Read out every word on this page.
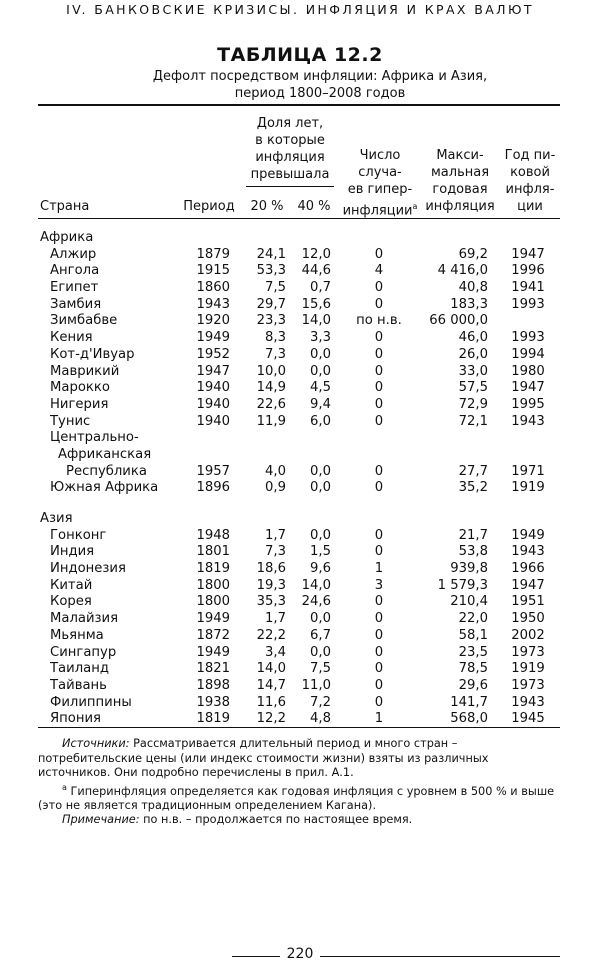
IV. БАНКОВСКИЕ КРИЗИСЫ. ИНФЛЯЦИЯ И КРАХ ВАЛЮТ
ТАБЛИЦА 12.2
Дефолт посредством инфляции: Африка и Азия,
период 1800–2008 годов
Страна	Период
Доля лет,
в которые
инфляция
превышала
20 %	40 %
Число
случа-
ев гипер-
инфляции$^a$
Макси-
мальная
годовая
инфляция
Год пи-
ковой
инфля-
ции
Африка
Алжир	1879	24,1	12,0	0	69,2	1947
Ангола	1915	53,3	44,6	4	4 416,0	1996
Египет	1860	7,5	0,7	0	40,8	1941
Замбия	1943	29,7	15,6	0	183,3	1993
Зимбабве	1920	23,3	14,0	по н.в.	66 000,0
Кения	1949	8,3	3,3	0	46,0	1993
Кот-д'Ивуар	1952	7,3	0,0	0	26,0	1994
Маврикий	1947	10,0	0,0	0	33,0	1980
Марокко	1940	14,9	4,5	0	57,5	1947
Нигерия	1940	22,6	9,4	0	72,9	1995
Тунис	1940	11,9	6,0	0	72,1	1943
Центрально-
Африканская
Республика	1957	4,0	0,0	0	27,7	1971
Южная Африка	1896	0,9	0,0	0	35,2	1919
Азия
Гонконг	1948	1,7	0,0	0	21,7	1949
Индия	1801	7,3	1,5	0	53,8	1943
Индонезия	1819	18,6	9,6	1	939,8	1966
Китай	1800	19,3	14,0	3	1 579,3	1947
Корея	1800	35,3	24,6	0	210,4	1951
Малайзия	1949	1,7	0,0	0	22,0	1950
Мьянма	1872	22,2	6,7	0	58,1	2002
Сингапур	1949	3,4	0,0	0	23,5	1973
Таиланд	1821	14,0	7,5	0	78,5	1919
Тайвань	1898	14,7	11,0	0	29,6	1973
Филиппины	1938	11,6	7,2	0	141,7	1943
Япония	1819	12,2	4,8	1	568,0	1945

Источники: Рассматривается длительный период и много стран – потребительские цены (или индекс стоимости жизни) взяты из различных источников. Они подробно перечислены в прил. А.1.

$^a$ Гиперинфляция определяется как годовая инфляция с уровнем в 500 % и выше (это не является традиционным определением Кагана).

Примечание: по н.в. – продолжается по настоящее время.

220
